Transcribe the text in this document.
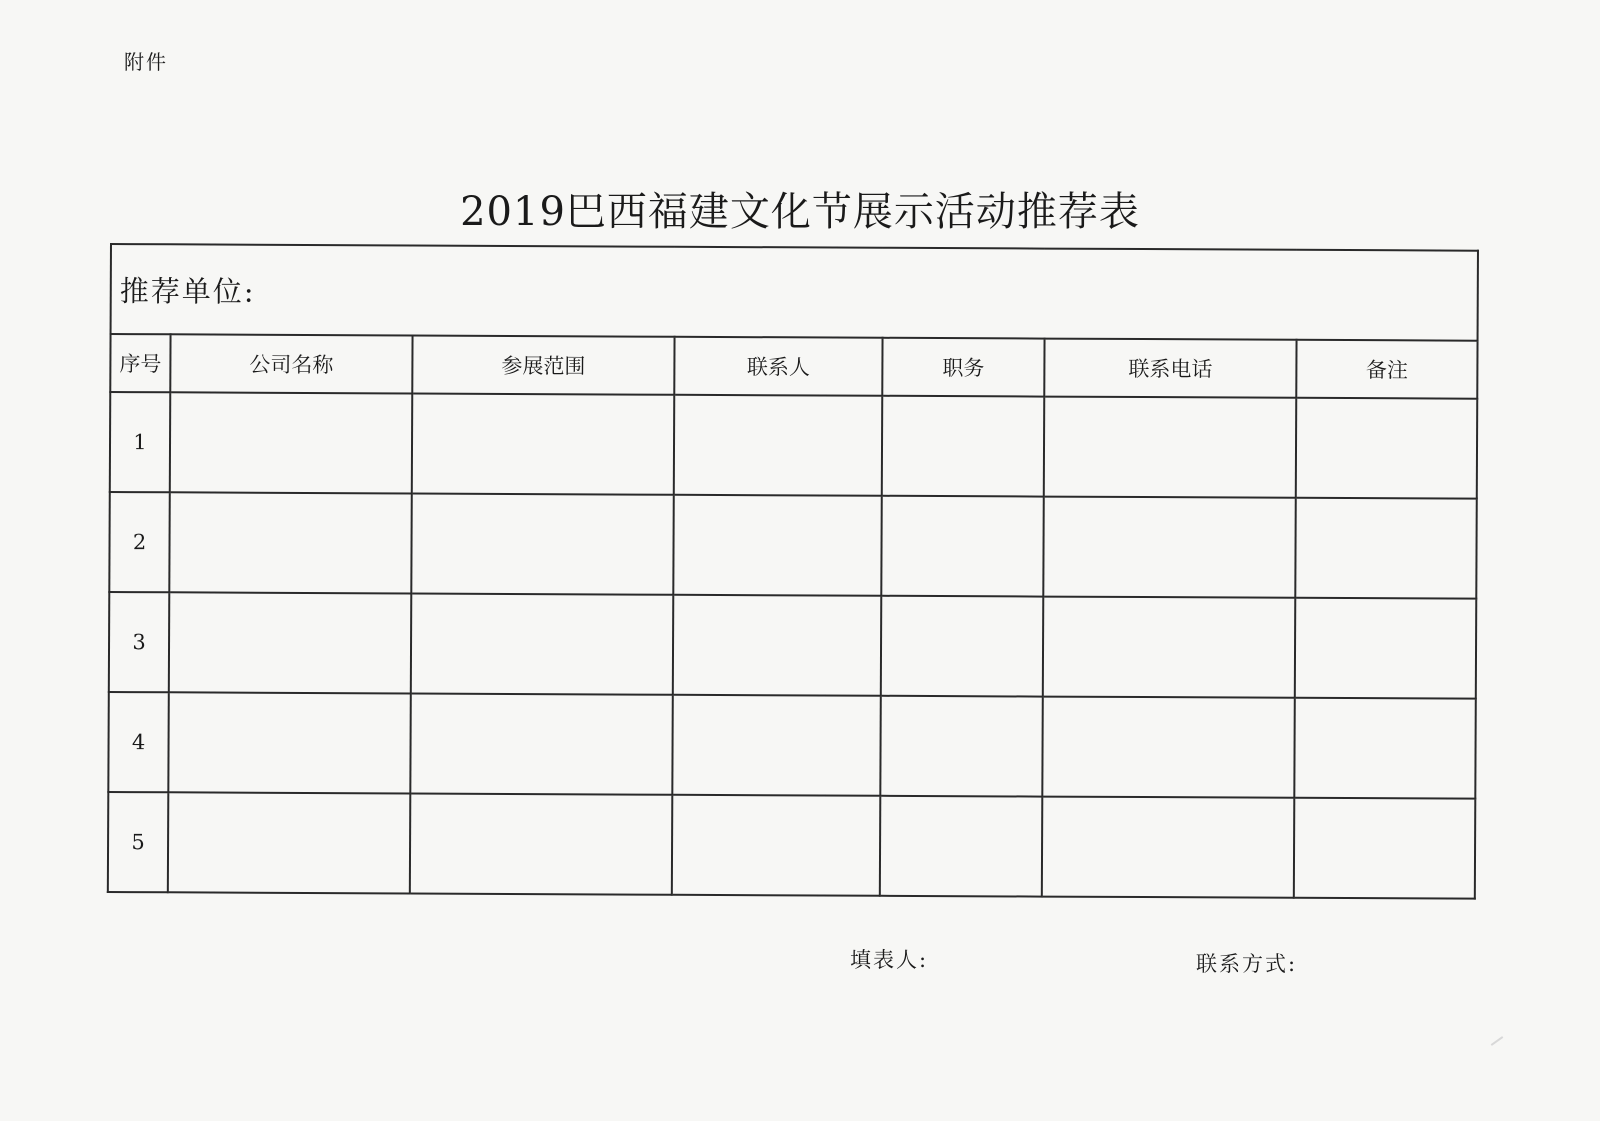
附件
2019巴西福建文化节展示活动推荐表
推荐单位:						
序号	公司名称	参展范围	联系人	职务	联系电话	备注
1						
2						
3						
4						
5						
填表人:	联系方式:
